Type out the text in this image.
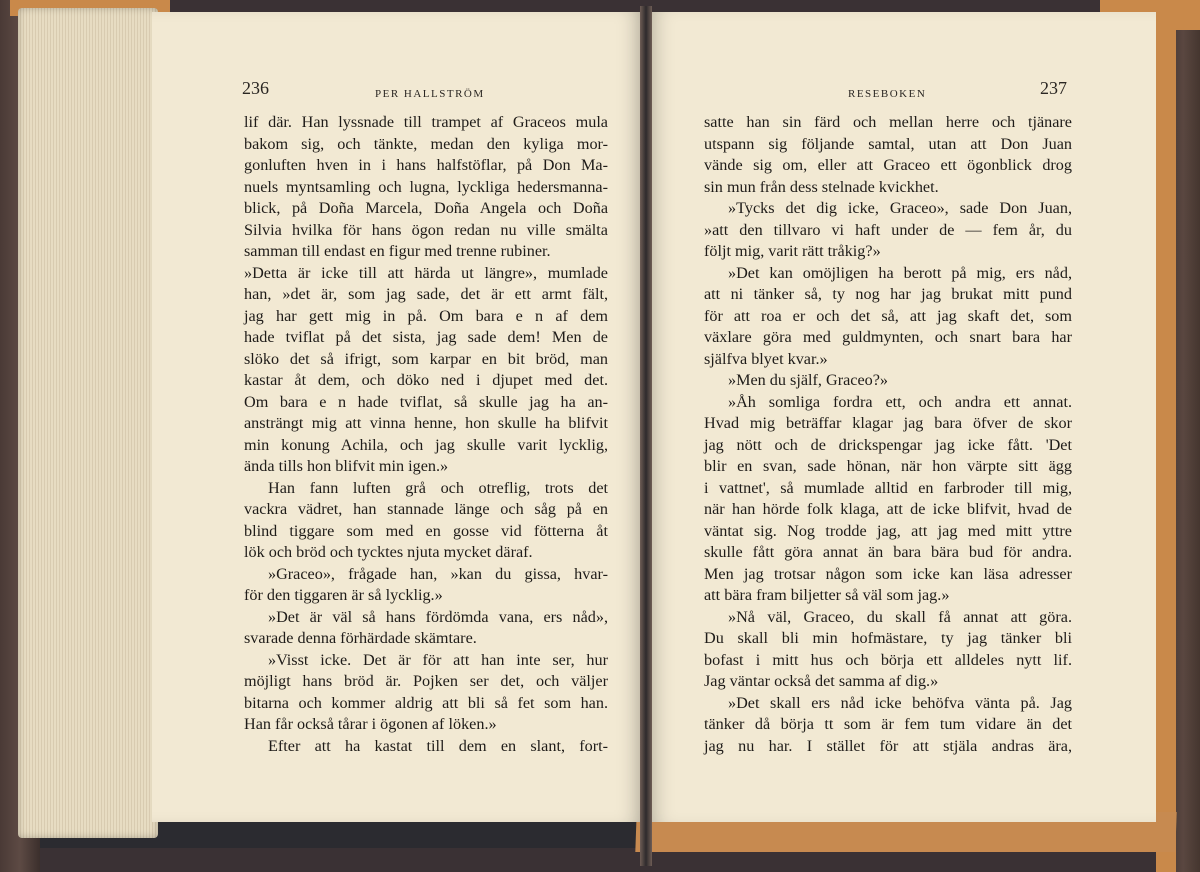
236	PER HALLSTRÖM	RESEBOKEN	237
lif där. Han lyssnade till trampet af Graceos mula
bakom sig, och tänkte, medan den kyliga mor-
gonluften hven in i hans halfstöflar, på Don Ma-
nuels myntsamling och lugna, lyckliga hedersmanna-
blick, på Doña Marcela, Doña Angela och Doña
Silvia hvilka för hans ögon redan nu ville smälta
samman till endast en figur med trenne rubiner.
»Detta är icke till att härda ut längre», mumlade
han, »det är, som jag sade, det är ett armt fält,
jag har gett mig in på. Om bara e n af dem
hade tviflat på det sista, jag sade dem! Men de
slöko det så ifrigt, som karpar en bit bröd, man
kastar åt dem, och döko ned i djupet med det.
Om bara e n hade tviflat, så skulle jag ha an-
ansträngt mig att vinna henne, hon skulle ha blifvit
min konung Achila, och jag skulle varit lycklig,
ända tills hon blifvit min igen.»
Han fann luften grå och otreflig, trots det
vackra vädret, han stannade länge och såg på en
blind tiggare som med en gosse vid fötterna åt
lök och bröd och tycktes njuta mycket däraf.
»Graceo», frågade han, »kan du gissa, hvar-
för den tiggaren är så lycklig.»
»Det är väl så hans fördömda vana, ers nåd»,
svarade denna förhärdade skämtare.
»Visst icke. Det är för att han inte ser, hur
möjligt hans bröd är. Pojken ser det, och väljer
bitarna och kommer aldrig att bli så fet som han.
Han får också tårar i ögonen af löken.»
Efter att ha kastat till dem en slant, fort-
satte han sin färd och mellan herre och tjänare
utspann sig följande samtal, utan att Don Juan
vände sig om, eller att Graceo ett ögonblick drog
sin mun från dess stelnade kvickhet.
»Tycks det dig icke, Graceo», sade Don Juan,
»att den tillvaro vi haft under de — fem år, du
följt mig, varit rätt tråkig?»
»Det kan omöjligen ha berott på mig, ers nåd,
att ni tänker så, ty nog har jag brukat mitt pund
för att roa er och det så, att jag skaft det, som
växlare göra med guldmynten, och snart bara har
själfva blyet kvar.»
»Men du själf, Graceo?»
»Åh somliga fordra ett, och andra ett annat.
Hvad mig beträffar klagar jag bara öfver de skor
jag nött och de drickspengar jag icke fått. 'Det
blir en svan, sade hönan, när hon värpte sitt ägg
i vattnet', så mumlade alltid en farbroder till mig,
när han hörde folk klaga, att de icke blifvit, hvad de
väntat sig. Nog trodde jag, att jag med mitt yttre
skulle fått göra annat än bara bära bud för andra.
Men jag trotsar någon som icke kan läsa adresser
att bära fram biljetter så väl som jag.»
»Nå väl, Graceo, du skall få annat att göra.
Du skall bli min hofmästare, ty jag tänker bli
bofast i mitt hus och börja ett alldeles nytt lif.
Jag väntar också det samma af dig.»
»Det skall ers nåd icke behöfva vänta på. Jag
tänker då börja tt som är fem tum vidare än det
jag nu har. I stället för att stjäla andras ära,
